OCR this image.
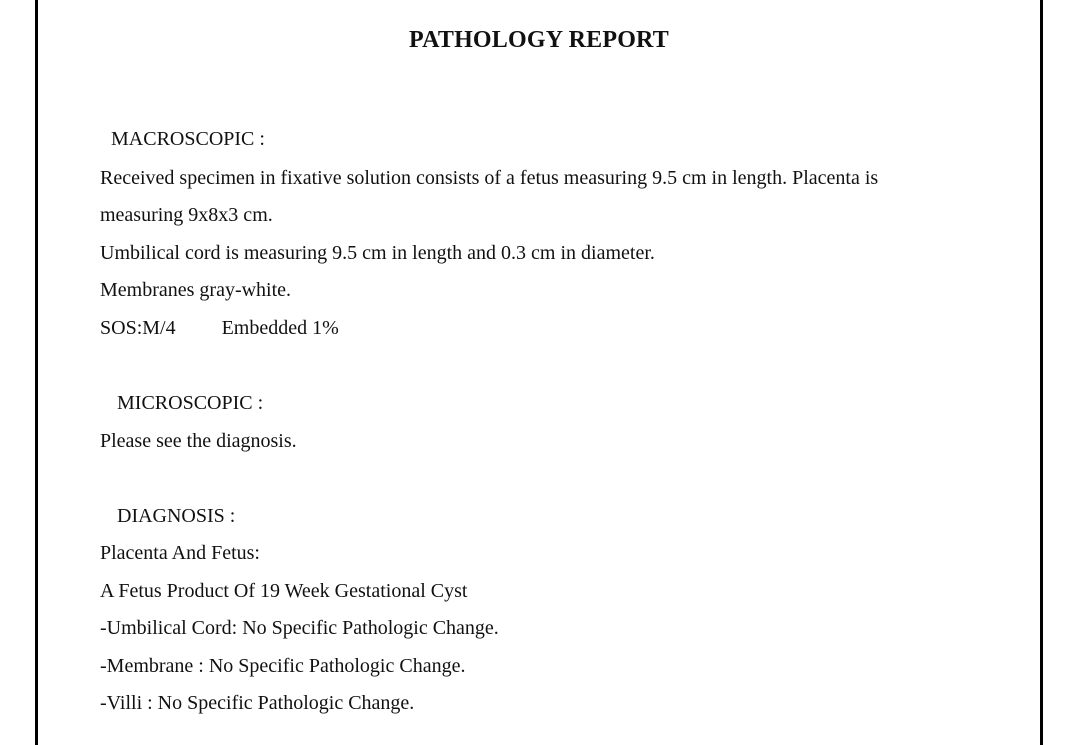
PATHOLOGY REPORT

MACROSCOPIC :

Received specimen in fixative solution consists of a fetus measuring 9.5 cm in length. Placenta is

measuring 9x8x3 cm.

Umbilical cord is measuring 9.5 cm in length and 0.3 cm in diameter.

Membranes gray-white.

SOS:M/4 Embedded 1%

MICROSCOPIC :

Please see the diagnosis.

DIAGNOSIS :

Placenta And Fetus:

A Fetus Product Of 19 Week Gestational Cyst

-Umbilical Cord: No Specific Pathologic Change.

-Membrane : No Specific Pathologic Change.

-Villi : No Specific Pathologic Change.
